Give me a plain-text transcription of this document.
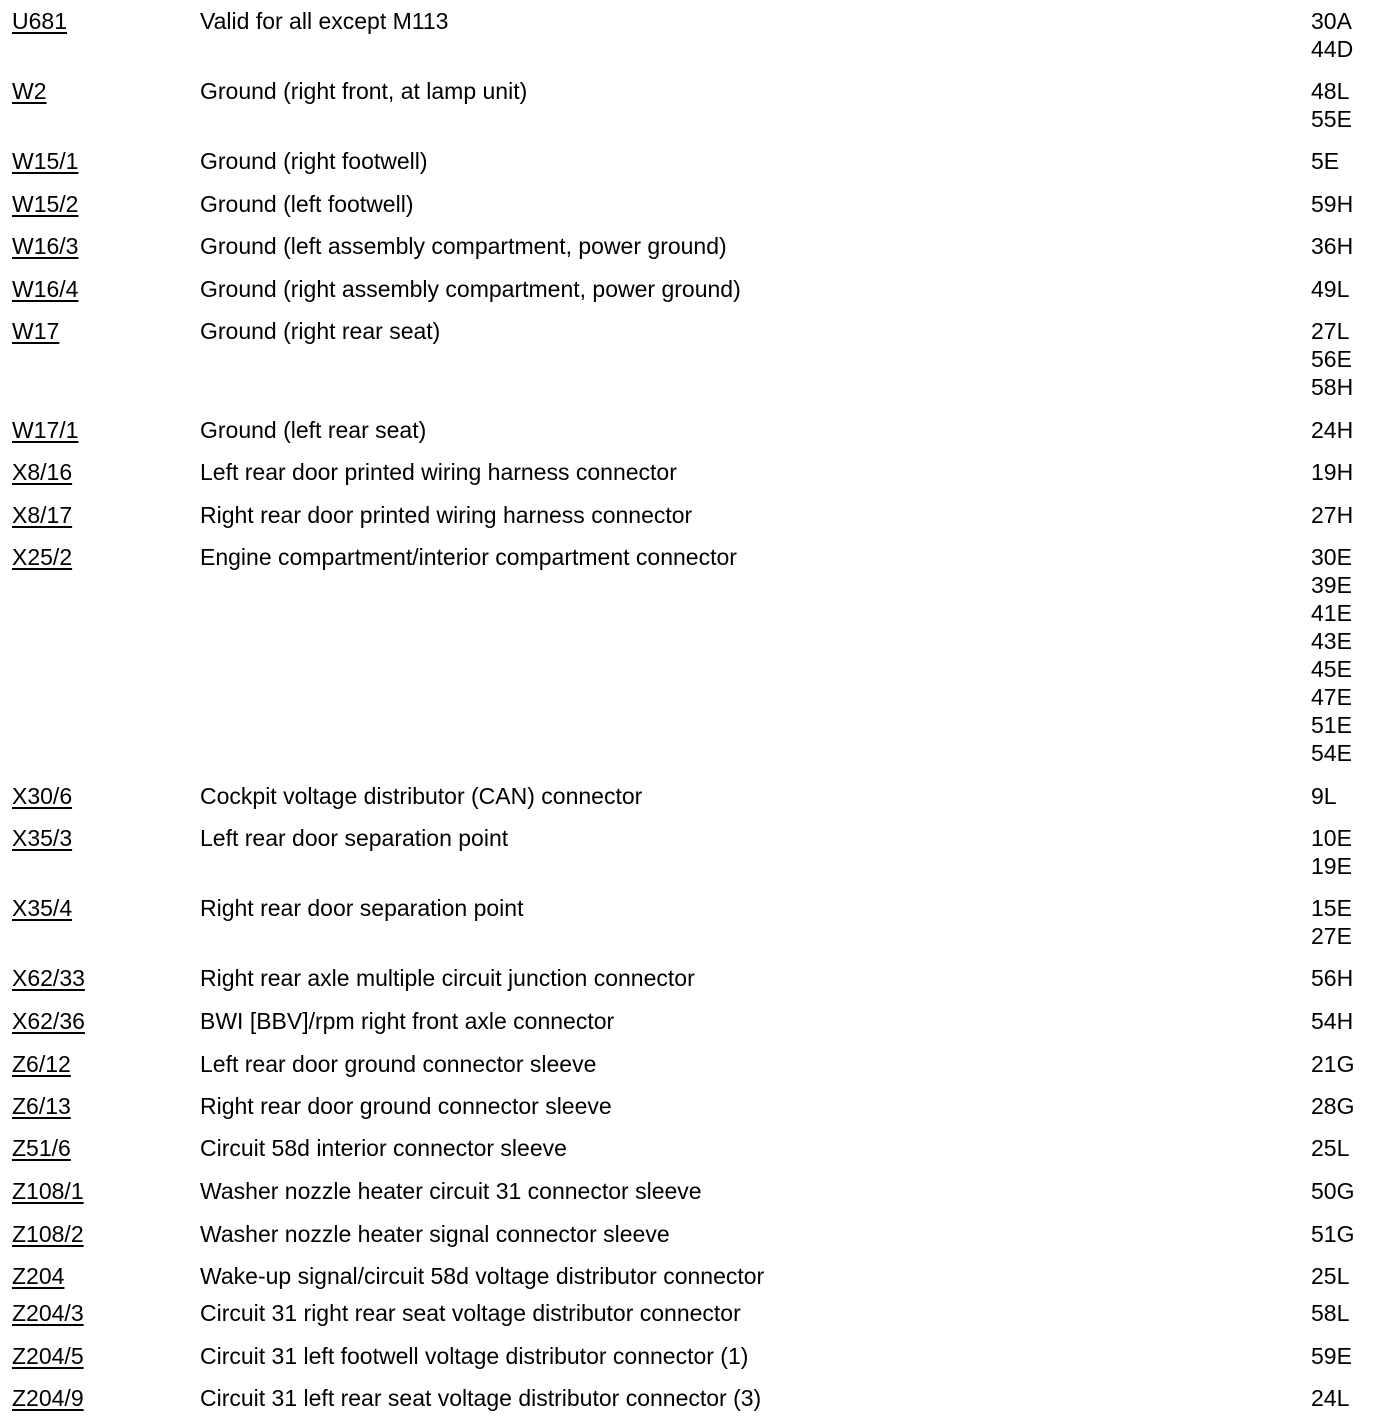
U681	Valid for all except M113	30A
44D
W2	Ground (right front, at lamp unit)	48L
55E
W15/1	Ground (right footwell)	5E
W15/2	Ground (left footwell)	59H
W16/3	Ground (left assembly compartment, power ground)	36H
W16/4	Ground (right assembly compartment, power ground)	49L
W17	Ground (right rear seat)	27L
56E
58H
W17/1	Ground (left rear seat)	24H
X8/16	Left rear door printed wiring harness connector	19H
X8/17	Right rear door printed wiring harness connector	27H
X25/2	Engine compartment/interior compartment connector	30E
39E
41E
43E
45E
47E
51E
54E
X30/6	Cockpit voltage distributor (CAN) connector	9L
X35/3	Left rear door separation point	10E
19E
X35/4	Right rear door separation point	15E
27E
X62/33	Right rear axle multiple circuit junction connector	56H
X62/36	BWI [BBV]/rpm right front axle connector	54H
Z6/12	Left rear door ground connector sleeve	21G
Z6/13	Right rear door ground connector sleeve	28G
Z51/6	Circuit 58d interior connector sleeve	25L
Z108/1	Washer nozzle heater circuit 31 connector sleeve	50G
Z108/2	Washer nozzle heater signal connector sleeve	51G
Z204	Wake-up signal/circuit 58d voltage distributor connector	25L
Z204/3	Circuit 31 right rear seat voltage distributor connector	58L
Z204/5	Circuit 31 left footwell voltage distributor connector (1)	59E
Z204/9	Circuit 31 left rear seat voltage distributor connector (3)	24L
